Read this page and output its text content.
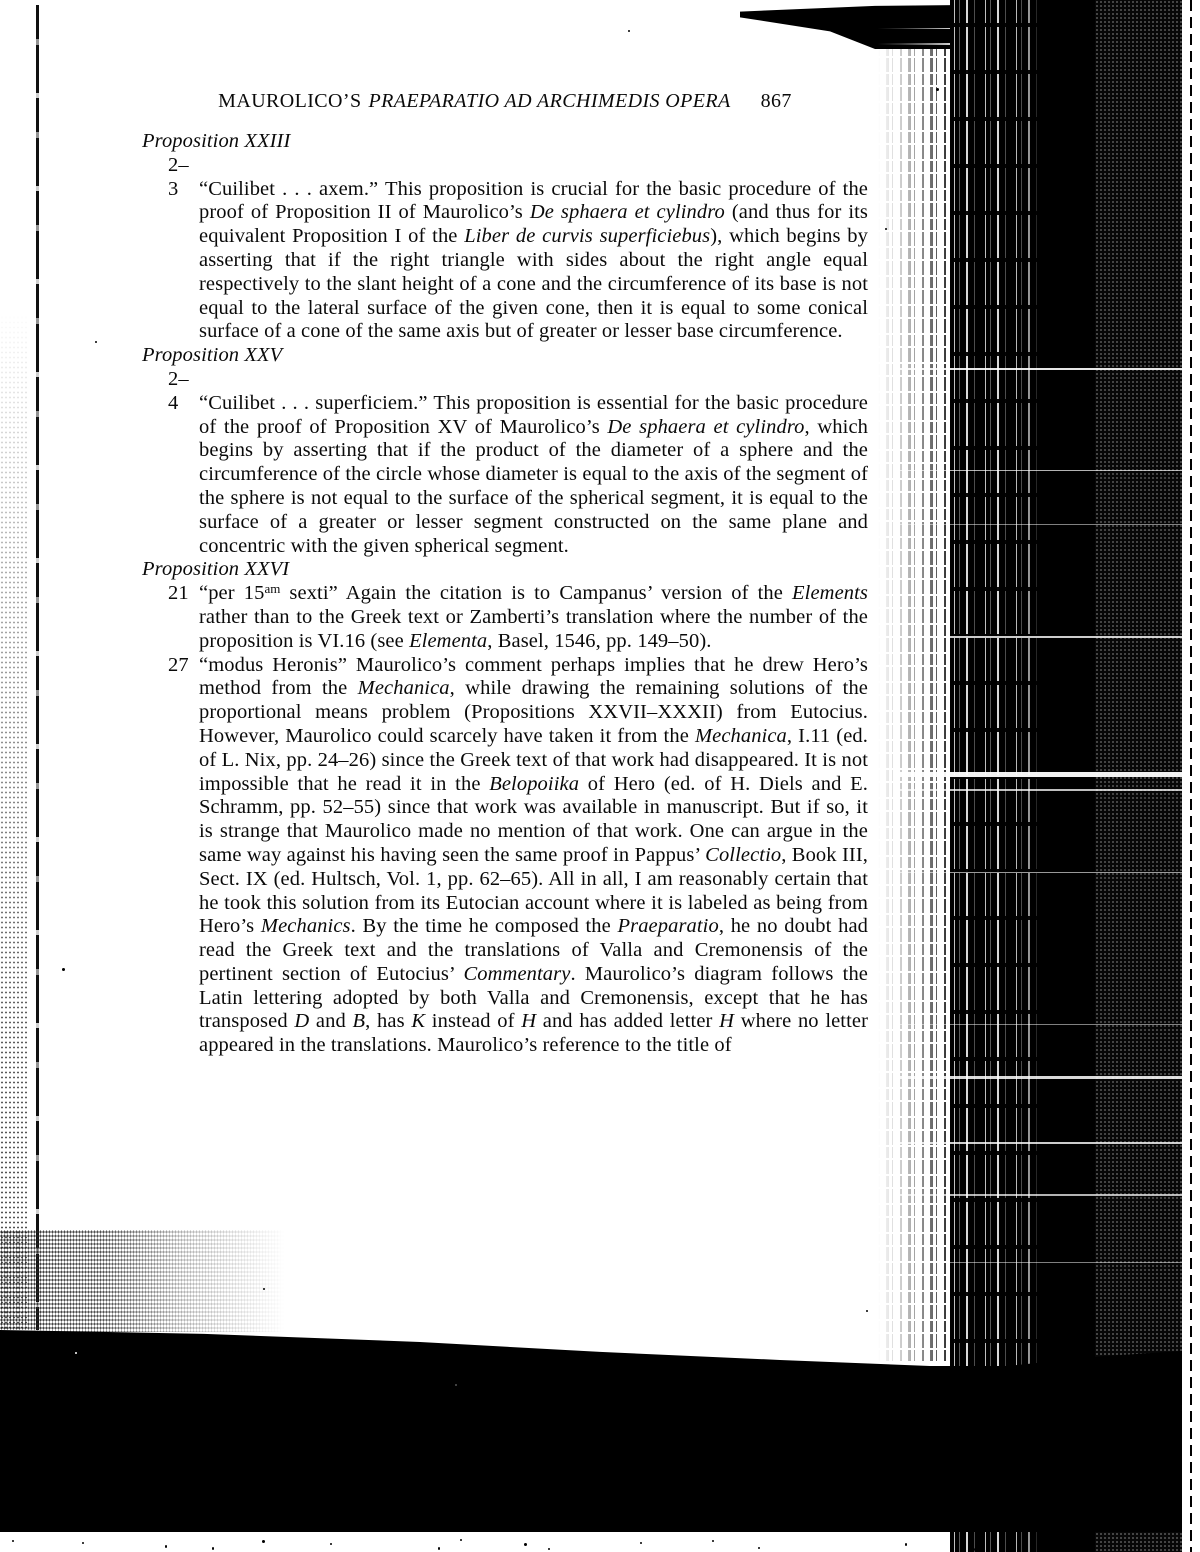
MAUROLICO’S PRAEPARATIO AD ARCHIMEDIS OPERA 867
Proposition XXIII

2–3 “Cuilibet . . . axem.” This proposition is crucial for the basic procedure of the proof of Proposition II of Maurolico’s De sphaera et cylindro (and thus for its equivalent Proposition I of the Liber de curvis superficiebus), which begins by asserting that if the right triangle with sides about the right angle equal respectively to the slant height of a cone and the circumference of its base is not equal to the lateral surface of the given cone, then it is equal to some conical surface of a cone of the same axis but of greater or lesser base circumference.

Proposition XXV

2–4 “Cuilibet . . . superficiem.” This proposition is essential for the basic procedure of the proof of Proposition XV of Maurolico’s De sphaera et cylindro, which begins by asserting that if the product of the diameter of a sphere and the circumference of the circle whose diameter is equal to the axis of the segment of the sphere is not equal to the surface of the spherical segment, it is equal to the surface of a greater or lesser segment constructed on the same plane and concentric with the given spherical segment.

Proposition XXVI

21 “per $15^{am}$ sexti” Again the citation is to Campanus’ version of the Elements rather than to the Greek text or Zamberti’s translation where the number of the proposition is VI.16 (see Elementa, Basel, 1546, pp. 149–50).

27 “modus Heronis” Maurolico’s comment perhaps implies that he drew Hero’s method from the Mechanica, while drawing the remaining solutions of the proportional means problem (Propositions XXVII–XXXII) from Eutocius. However, Maurolico could scarcely have taken it from the Mechanica, I.11 (ed. of L. Nix, pp. 24–26) since the Greek text of that work had disappeared. It is not impossible that he read it in the Belopoiika of Hero (ed. of H. Diels and E. Schramm, pp. 52–55) since that work was available in manuscript. But if so, it is strange that Maurolico made no mention of that work. One can argue in the same way against his having seen the same proof in Pappus’ Collectio, Book III, Sect. IX (ed. Hultsch, Vol. 1, pp. 62–65). All in all, I am reasonably certain that he took this solution from its Eutocian account where it is labeled as being from Hero’s Mechanics. By the time he composed the Praeparatio, he no doubt had read the Greek text and the translations of Valla and Cremonensis of the pertinent section of Eutocius’ Commentary. Maurolico’s diagram follows the Latin lettering adopted by both Valla and Cremonensis, except that he has transposed D and B, has K instead of H and has added letter H where no letter appeared in the translations. Maurolico’s reference to the title of
